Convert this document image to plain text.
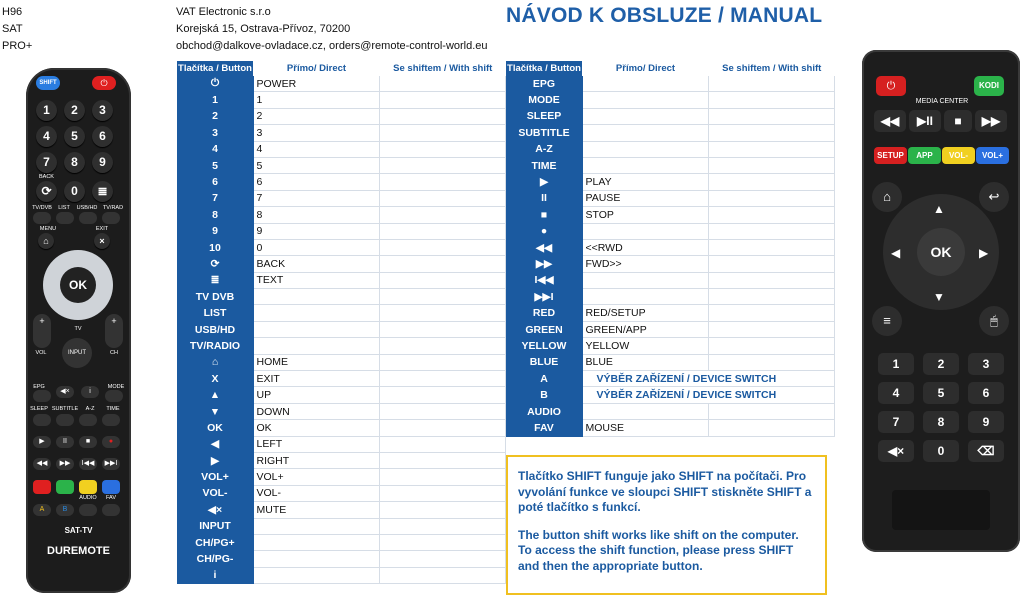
H96
SAT
PRO+
VAT Electronic s.r.o
Korejská 15, Ostrava-Přívoz, 70200
obchod@dalkove-ovladace.cz, orders@remote-control-world.eu
NÁVOD K OBSLUZE / MANUAL
Tlačítka / Button	Přímo/ Direct	Se shiftem / With shift
⏻	POWER	
1	1	
2	2	
3	3	
4	4	
5	5	
6	6	
7	7	
8	8	
9	9	
10	0	
⟳	BACK	
≣	TEXT	
TV DVB		
LIST		
USB/HD		
TV/RADIO		
⌂	HOME	
X	EXIT	
▲	UP	
▼	DOWN	
OK	OK	
◀	LEFT	
▶	RIGHT	
VOL+	VOL+	
VOL-	VOL-	
◀×	MUTE	
INPUT		
CH/PG+		
CH/PG-		
i		
Tlačítka / Button	Přímo/ Direct	Se shiftem / With shift
EPG		
MODE		
SLEEP		
SUBTITLE		
A-Z		
TIME		
▶	PLAY	
II	PAUSE	
■	STOP	
●		
◀◀	<<RWD	
▶▶	FWD>>	
I◀◀		
▶▶I		
RED	RED/SETUP	
GREEN	GREEN/APP	
YELLOW	YELLOW	
BLUE	BLUE	
A	VÝBĚR ZAŘÍZENÍ / DEVICE SWITCH	
B	VÝBĚR ZAŘÍZENÍ / DEVICE SWITCH	
AUDIO		
FAV	MOUSE	

Tlačítko SHIFT funguje jako SHIFT na počítači. Pro vyvolání funkce ve sloupci SHIFT stiskněte SHIFT a poté tlačítko s funkcí.

The button shift works like shift on the computer. To access the shift function, please press SHIFT and then the appropriate button.

SHIFT	⏻
1	2	3
4	5	6
7	8	9
BACK
⟳	0	≣
TV/DVB	LIST	USB/HD	TV/RAD
MENU	EXIT
⌂	×
OK
TV
+
VOL
+
CH
INPUT
EPG	MODE
◀×	i
SLEEP SUBTITLE	A-Z	TIME
▶	II	■	●
◀◀	▶▶	I◀◀	▶▶I
AUDIO	FAV
A	B
SAT-TV
DUREMOTE
⏻	KODI
MEDIA CENTER
◀◀	▶II	■	▶▶
SETUP	APP	VOL-	VOL+
⌂	↩
▲
▼
◀	▶
OK
≡	🖱
1	2	3
4	5	6
7	8	9
◀×	0	⌫
